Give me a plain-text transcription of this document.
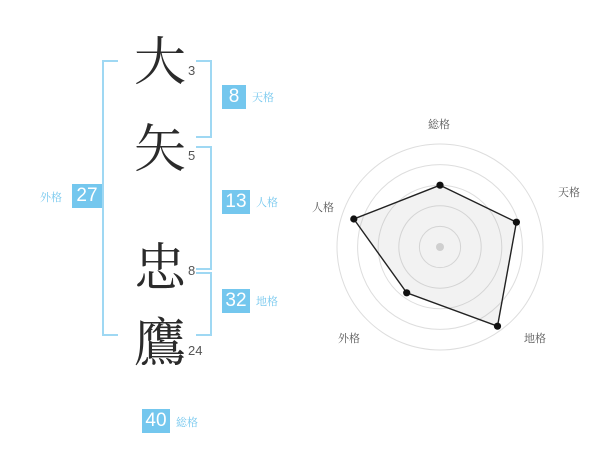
外格 27
大 3
矢 5
忠 8
鷹 24
8	天格
13 人格
32 地格
40 総格
総格
天格
地格
外格
人格
